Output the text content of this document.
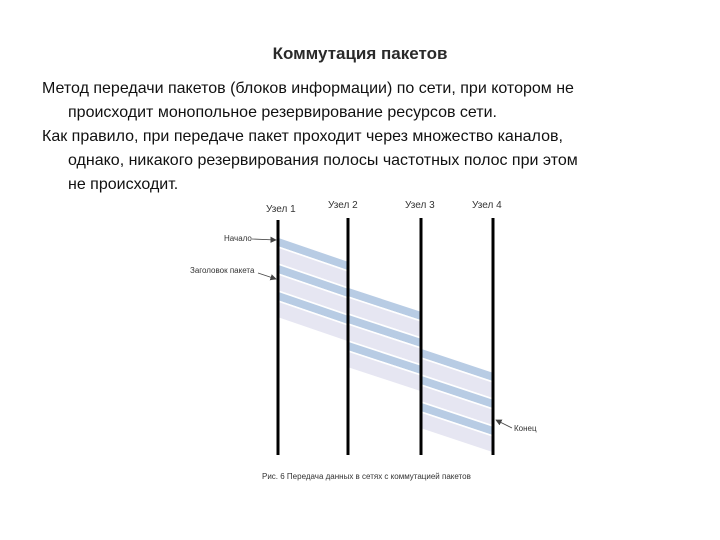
Коммутация пакетов
Метод передачи пакетов (блоков информации) по сети, при котором не
происходит монопольное резервирование ресурсов сети.
Как правило, при передаче пакет проходит через множество каналов,
однако, никакого резервирования полосы частотных полос при этом
не происходит.
Узел 1	Узел 2	Узел 3	Узел 4
Начало
Заголовок пакета
Конец
Рис. 6 Передача данных в сетях с коммутацией пакетов
